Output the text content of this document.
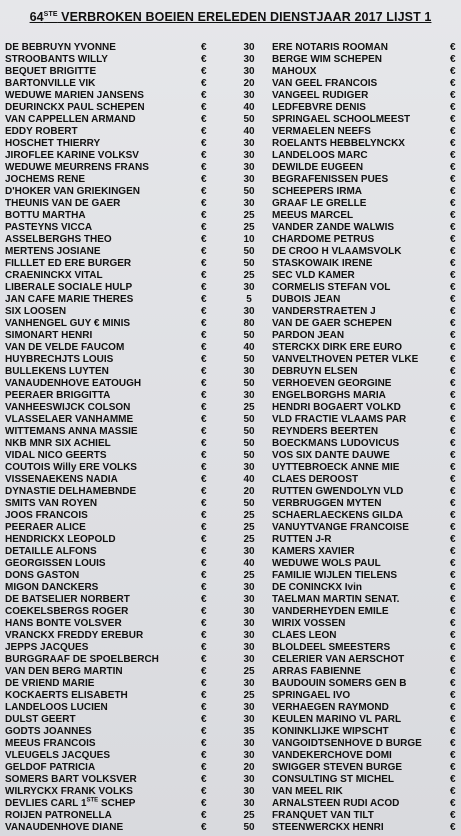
64STE VERBROKEN BOEIEN ERELEDEN DIENSTJAAR 2017 LIJST 1
DE BEBRUYN YVONNE	€	30
STROOBANTS WILLY	€	30
BEQUET BRIGITTE	€	30
BARTONVILLE VIK	€	20
WEDUWE MARIEN JANSENS	€	30
DEURINCKX PAUL SCHEPEN	€	40
VAN CAPPELLEN ARMAND	€	50
EDDY ROBERT	€	40
HOSCHET THIERRY	€	30
JIROFLEE KARINE VOLKSV	€	30
WEDUWE MEURRENS FRANS	€	30
JOCHEMS RENE	€	30
D'HOKER VAN GRIEKINGEN	€	50
THEUNIS VAN DE GAER	€	30
BOTTU MARTHA	€	25
PASTEYNS VICCA	€	25
ASSELBERGHS THEO	€	10
MERTENS JOSIANE	€	50
FILLLET ED ERE BURGER	€	50
CRAENINCKX VITAL	€	25
LIBERALE SOCIALE HULP	€	30
JAN CAFE MARIE THERES	€	5
SIX LOOSEN	€	30
VANHENGEL GUY € MINIS	€	80
SIMONART HENRI	€	50
VAN DE VELDE FAUCOM	€	40
HUYBRECHJTS LOUIS	€	50
BULLEKENS LUYTEN	€	30
VANAUDENHOVE EATOUGH	€	50
PEERAER BRIGGITTA	€	30
VANHEESWIJCK COLSON	€	25
VLASSELAER VANHAMME	€	50
WITTEMANS ANNA MASSIE	€	50
NKB MNR SIX ACHIEL	€	50
VIDAL NICO GEERTS	€	50
COUTOIS Willy ERE VOLKS	€	30
VISSENAEKENS NADIA	€	40
DYNASTIE DELHAMEBNDE	€	20
SMITS VAN ROYEN	€	50
JOOS FRANCOIS	€	25
PEERAER ALICE	€	25
HENDRICKX LEOPOLD	€	25
DETAILLE ALFONS	€	30
GEORGISSEN LOUIS	€	40
DONS GASTON	€	25
MIGON DANCKERS	€	30
DE BATSELIER NORBERT	€	30
COEKELSBERGS ROGER	€	30
HANS BONTE VOLSVER	€	30
VRANCKX FREDDY EREBUR	€	30
JEPPS JACQUES	€	30
BURGGRAAF DE SPOELBERCH	€	30
VAN DEN BERG MARTIN	€	25
DE VRIEND MARIE	€	30
KOCKAERTS ELISABETH	€	25
LANDELOOS LUCIEN	€	30
DULST GEERT	€	30
GODTS JOANNES	€	35
MEEUS FRANCOIS	€	30
VLEUGELS JACQUES	€	30
GELDOF PATRICIA	€	20
SOMERS BART VOLKSVER	€	30
WILRYCKX FRANK VOLKS	€	30
DEVLIES CARL 1STE SCHEP	€	30
ROIJEN PATRONELLA	€	25
VANAUDENHOVE DIANE	€	50
ERE NOTARIS ROOMAN	€
BERGE WIM SCHEPEN	€
MAHOUX	€
VAN GEEL FRANCOIS	€
VANGEEL RUDIGER	€
LEDFEBVRE DENIS	€
SPRINGAEL SCHOOLMEEST	€
VERMAELEN NEEFS	€
ROELANTS HEBBELYNCKX	€
LANDELOOS MARC	€
DEWILDE EUGEEN	€
BEGRAFENISSEN PUES	€
SCHEEPERS IRMA	€
GRAAF LE GRELLE	€
MEEUS MARCEL	€
VANDER ZANDE WALWIS	€
CHARDOME PETRUS	€
DE CROO H VLAAMSVOLK	€
STASKOWAIK IRENE	€
SEC VLD KAMER	€
CORMELIS STEFAN VOL	€
DUBOIS JEAN	€
VANDERSTRAETEN J	€
VAN DE GAER SCHEPEN	€
PARDON JEAN	€
STERCKX DIRK ERE EURO	€
VANVELTHOVEN PETER VLKE	€
DEBRUYN ELSEN	€
VERHOEVEN GEORGINE	€
ENGELBORGHS MARIA	€
HENDRI BOGAERT VOLKD	€
VLD FRACTIE VLAAMS PAR	€
REYNDERS BEERTEN	€
BOECKMANS LUDOVICUS	€
VOS SIX DANTE DAUWE	€
UYTTEBROECK ANNE MIE	€
CLAES DEROOST	€
RUTTEN GWENDOLYN VLD	€
VERBRUGGEN MYTEN	€
SCHAERLAECKENS GILDA	€
VANUYTVANGE FRANCOISE	€
RUTTEN J-R	€
KAMERS XAVIER	€
WEDUWE WOLS PAUL	€
FAMILIE WIJLEN TIELENS	€
DE CONINCKX Ivin	€
TAELMAN MARTIN SENAT.	€
VANDERHEYDEN EMILE	€
WIRIX VOSSEN	€
CLAES LEON	€
BLOLDEEL SMEESTERS	€
CELERIER VAN AERSCHOT	€
ARRAS FABIENNE	€
BAUDOUIN SOMERS GEN B	€
SPRINGAEL IVO	€
VERHAEGEN RAYMOND	€
KEULEN MARINO VL PARL	€
KONINKLIJKE WIPSCHT	€
VANGOIDTSENHOVE D BURGE	€
VANDEKERCHOVE DOMI	€
SWIGGER STEVEN BURGE	€
CONSULTING ST MICHEL	€
VAN MEEL RIK	€
ARNALSTEEN RUDI ACOD	€
FRANQUET VAN TILT	€
STEENWERCKX HENRI	€
